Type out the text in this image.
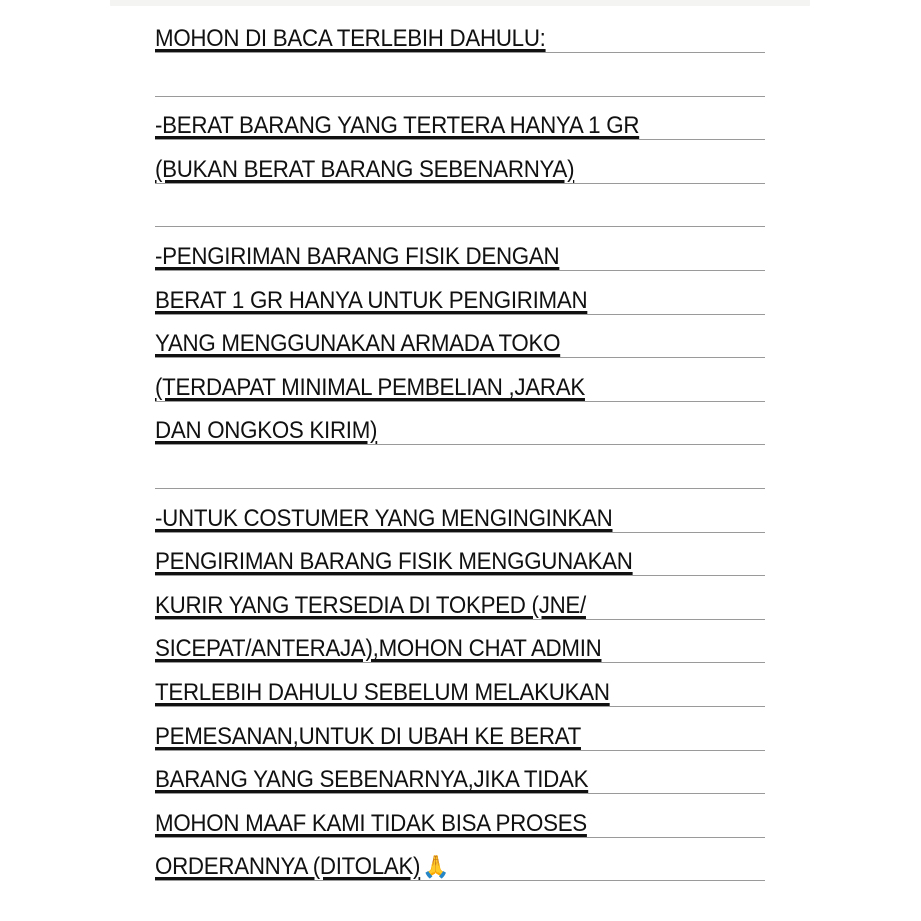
MOHON DI BACA TERLEBIH DAHULU:
-BERAT BARANG YANG TERTERA HANYA 1 GR
(BUKAN BERAT BARANG SEBENARNYA)
-PENGIRIMAN BARANG FISIK DENGAN
BERAT 1 GR HANYA UNTUK PENGIRIMAN
YANG MENGGUNAKAN ARMADA TOKO
(TERDAPAT MINIMAL PEMBELIAN ,JARAK
DAN ONGKOS KIRIM)
-UNTUK COSTUMER YANG MENGINGINKAN
PENGIRIMAN BARANG FISIK MENGGUNAKAN
KURIR YANG TERSEDIA DI TOKPED (JNE/
SICEPAT/ANTERAJA),MOHON CHAT ADMIN
TERLEBIH DAHULU SEBELUM MELAKUKAN
PEMESANAN,UNTUK DI UBAH KE BERAT
BARANG YANG SEBENARNYA,JIKA TIDAK
MOHON MAAF KAMI TIDAK BISA PROSES
ORDERANNYA (DITOLAK) 🙏
